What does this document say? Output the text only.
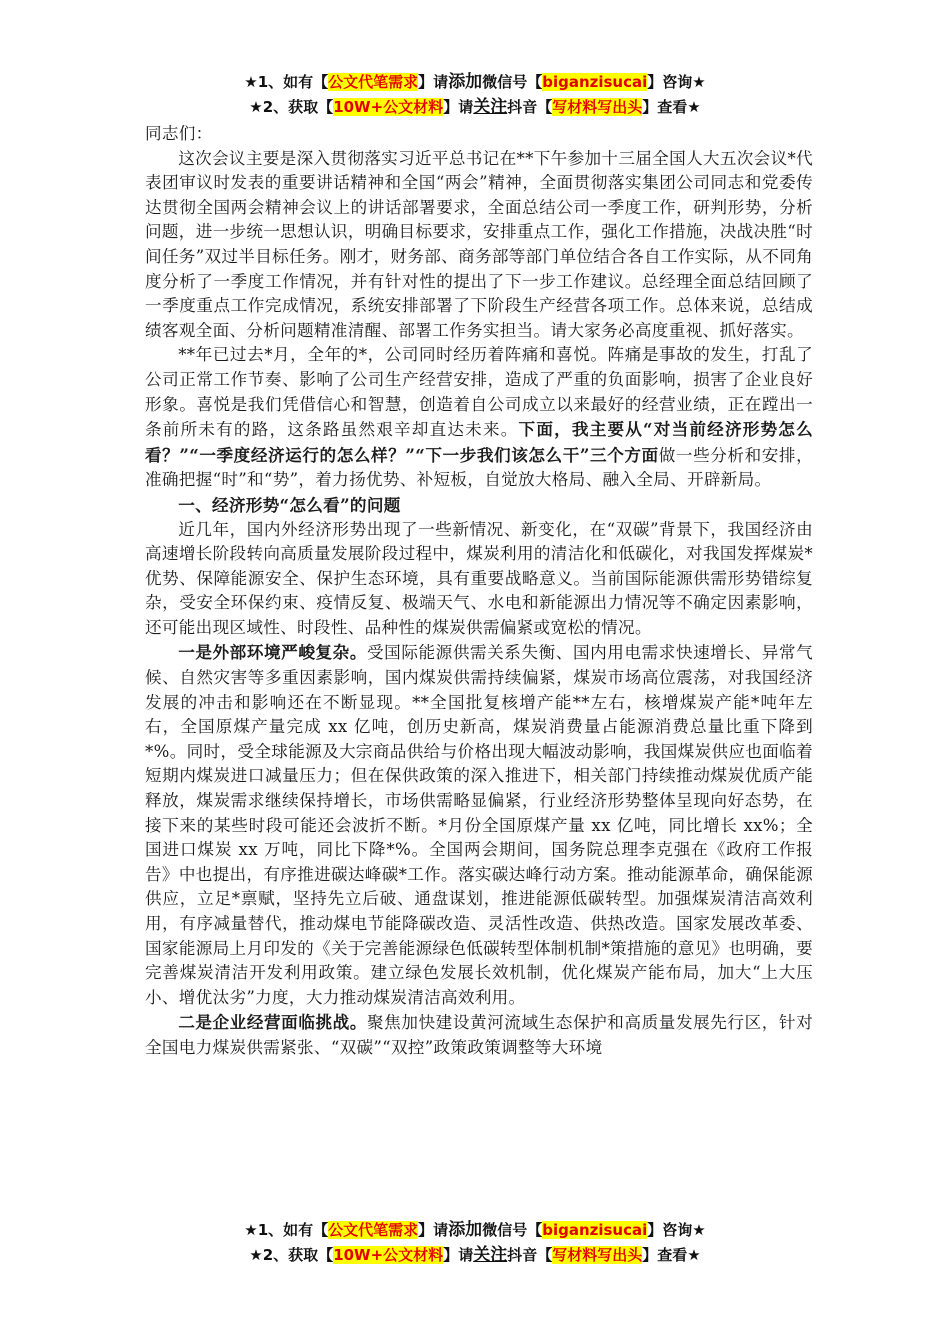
★1、如有【公文代笔需求】请添加微信号【biganzisucai】咨询★
★2、获取【10W+公文材料】请关注抖音【写材料写出头】查看★

同志们：

这次会议主要是深入贯彻落实习近平总书记在**下午参加十三届全国人大五次会议*代表团审议时发表的重要讲话精神和全国“两会”精神，全面贯彻落实集团公司同志和党委传达贯彻全国两会精神会议上的讲话部署要求，全面总结公司一季度工作，研判形势，分析问题，进一步统一思想认识，明确目标要求，安排重点工作，强化工作措施，决战决胜“时间任务”双过半目标任务。刚才，财务部、商务部等部门单位结合各自工作实际，从不同角度分析了一季度工作情况，并有针对性的提出了下一步工作建议。总经理全面总结回顾了一季度重点工作完成情况，系统安排部署了下阶段生产经营各项工作。总体来说，总结成绩客观全面、分析问题精准清醒、部署工作务实担当。请大家务必高度重视、抓好落实。

**年已过去*月，全年的*，公司同时经历着阵痛和喜悦。阵痛是事故的发生，打乱了公司正常工作节奏、影响了公司生产经营安排，造成了严重的负面影响，损害了企业良好形象。喜悦是我们凭借信心和智慧，创造着自公司成立以来最好的经营业绩，正在蹚出一条前所未有的路，这条路虽然艰辛却直达未来。下面，我主要从“对当前经济形势怎么看？”“一季度经济运行的怎么样？”“下一步我们该怎么干”三个方面做一些分析和安排，准确把握“时”和“势”，着力扬优势、补短板，自觉放大格局、融入全局、开辟新局。

一、经济形势“怎么看”的问题

近几年，国内外经济形势出现了一些新情况、新变化，在“双碳”背景下，我国经济由高速增长阶段转向高质量发展阶段过程中，煤炭利用的清洁化和低碳化，对我国发挥煤炭*优势、保障能源安全、保护生态环境，具有重要战略意义。当前国际能源供需形势错综复杂，受安全环保约束、疫情反复、极端天气、水电和新能源出力情况等不确定因素影响，还可能出现区域性、时段性、品种性的煤炭供需偏紧或宽松的情况。

一是外部环境严峻复杂。受国际能源供需关系失衡、国内用电需求快速增长、异常气候、自然灾害等多重因素影响，国内煤炭供需持续偏紧，煤炭市场高位震荡，对我国经济发展的冲击和影响还在不断显现。**全国批复核增产能**左右，核增煤炭产能*吨年左右，全国原煤产量完成 xx 亿吨，创历史新高，煤炭消费量占能源消费总量比重下降到*%。同时，受全球能源及大宗商品供给与价格出现大幅波动影响，我国煤炭供应也面临着短期内煤炭进口减量压力；但在保供政策的深入推进下，相关部门持续推动煤炭优质产能释放，煤炭需求继续保持增长，市场供需略显偏紧，行业经济形势整体呈现向好态势，在接下来的某些时段可能还会波折不断。*月份全国原煤产量 xx 亿吨，同比增长 xx%；全国进口煤炭 xx 万吨，同比下降*%。全国两会期间，国务院总理李克强在《政府工作报告》中也提出，有序推进碳达峰碳*工作。落实碳达峰行动方案。推动能源革命，确保能源供应，立足*禀赋，坚持先立后破、通盘谋划，推进能源低碳转型。加强煤炭清洁高效利用，有序减量替代，推动煤电节能降碳改造、灵活性改造、供热改造。国家发展改革委、国家能源局上月印发的《关于完善能源绿色低碳转型体制机制*策措施的意见》也明确，要完善煤炭清洁开发利用政策。建立绿色发展长效机制，优化煤炭产能布局，加大“上大压小、增优汰劣”力度，大力推动煤炭清洁高效利用。

二是企业经营面临挑战。聚焦加快建设黄河流域生态保护和高质量发展先行区，针对全国电力煤炭供需紧张、“双碳”“双控”政策政策调整等大环境

★1、如有【公文代笔需求】请添加微信号【biganzisucai】咨询★
★2、获取【10W+公文材料】请关注抖音【写材料写出头】查看★
